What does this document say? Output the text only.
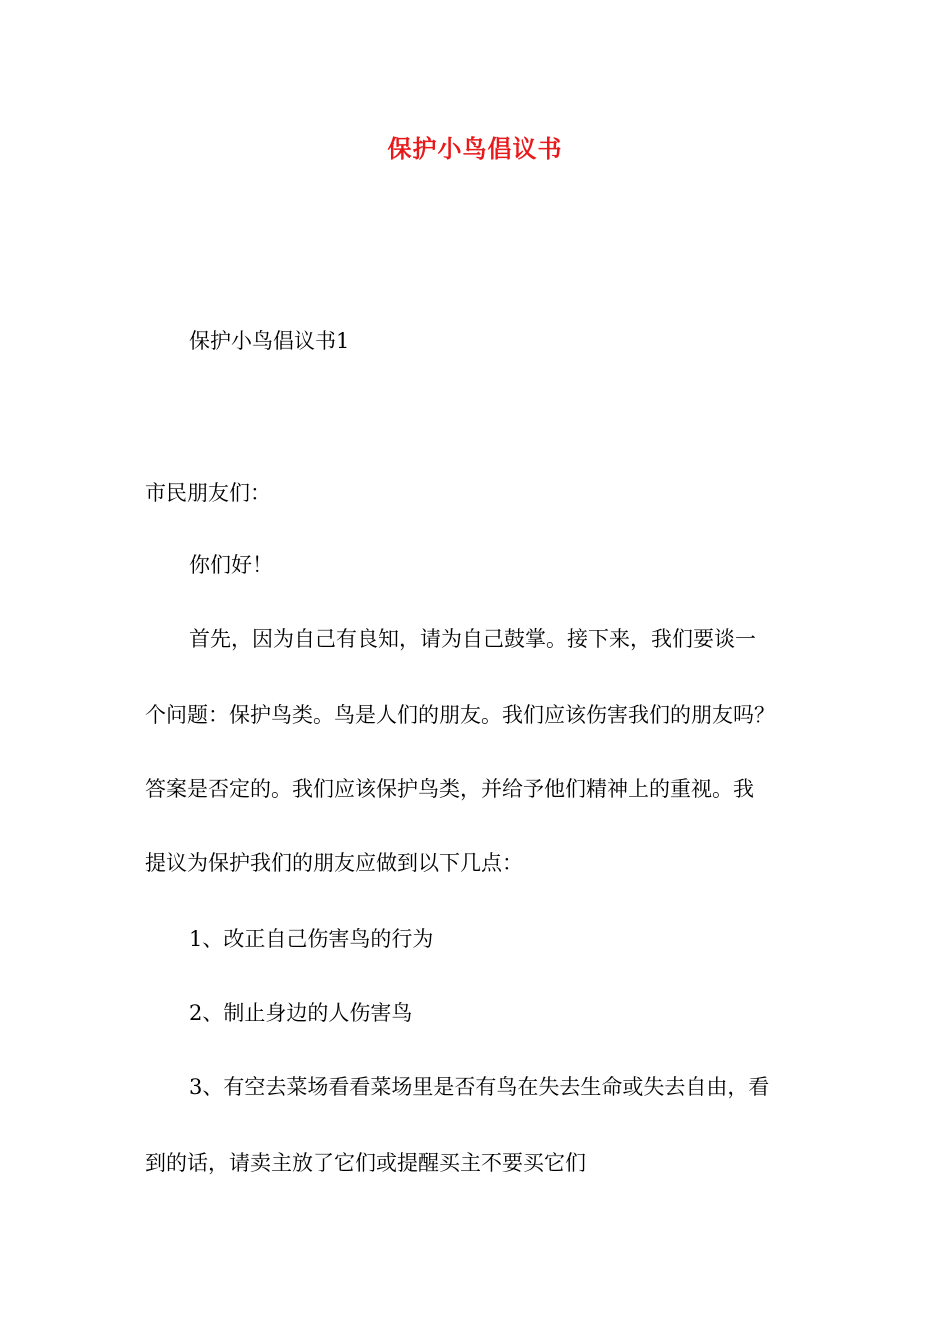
保护小鸟倡议书
保护小鸟倡议书1
市民朋友们：
你们好！
首先，因为自己有良知，请为自己鼓掌。接下来，我们要谈一
个问题：保护鸟类。鸟是人们的朋友。我们应该伤害我们的朋友吗？
答案是否定的。我们应该保护鸟类，并给予他们精神上的重视。我
提议为保护我们的朋友应做到以下几点：
1、改正自己伤害鸟的行为
2、制止身边的人伤害鸟
3、有空去菜场看看菜场里是否有鸟在失去生命或失去自由，看
到的话，请卖主放了它们或提醒买主不要买它们
